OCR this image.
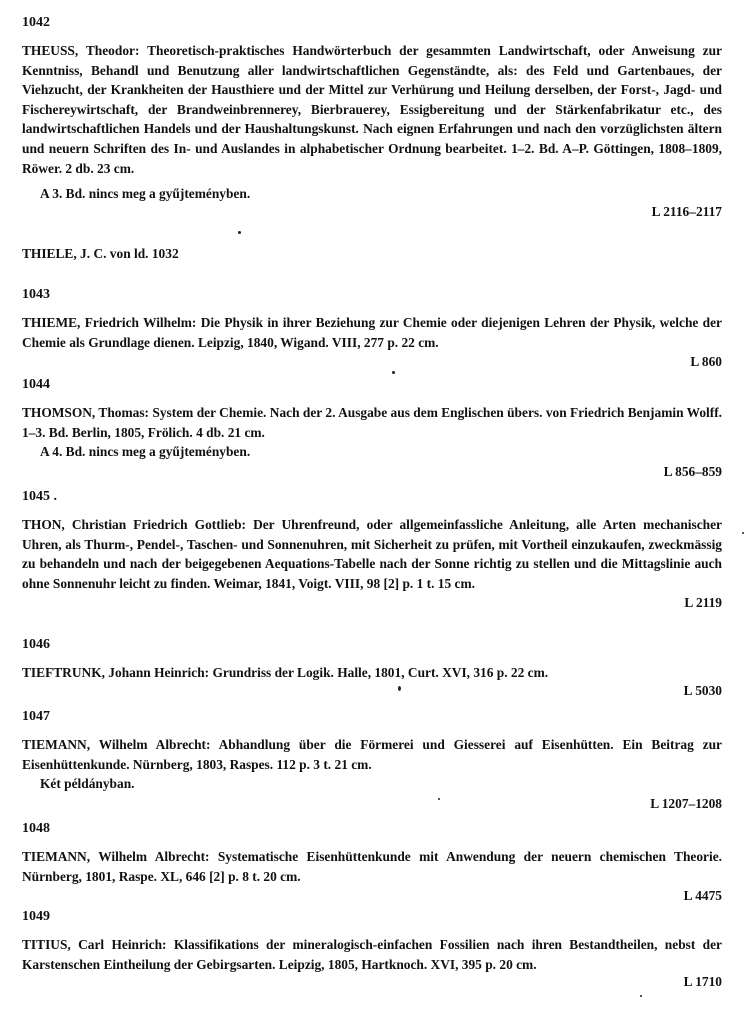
1042
THEUSS, Theodor: Theoretisch-praktisches Handwörterbuch der gesammten Landwirtschaft, oder Anweisung zur Kenntniss, Behandl und Benutzung aller landwirtschaftlichen Gegenständte, als: des Feld und Gartenbaues, der Viehzucht, der Krankheiten der Hausthiere und der Mittel zur Verhürung und Heilung derselben, der Forst-, Jagd- und Fischereywirtschaft, der Brandweinbrennerey, Bierbrauerey, Essigbereitung und der Stärkenfabrikatur etc., des landwirtschaftlichen Handels und der Haushaltungskunst. Nach eignen Erfahrungen und nach den vorzüglichsten ältern und neuern Schriften des In- und Auslandes in alphabetischer Ordnung bearbeitet. 1–2. Bd. A–P. Göttingen, 1808–1809, Röwer. 2 db. 23 cm.
A 3. Bd. nincs meg a gyűjteményben.
L 2116–2117
THIELE, J. C. von ld. 1032
1043
THIEME, Friedrich Wilhelm: Die Physik in ihrer Beziehung zur Chemie oder diejenigen Lehren der Physik, welche der Chemie als Grundlage dienen. Leipzig, 1840, Wigand. VIII, 277 p. 22 cm.
L 860
1044
THOMSON, Thomas: System der Chemie. Nach der 2. Ausgabe aus dem Englischen übers. von Friedrich Benjamin Wolff. 1–3. Bd. Berlin, 1805, Frölich. 4 db. 21 cm.
A 4. Bd. nincs meg a gyűjteményben.
L 856–859
1045 .
THON, Christian Friedrich Gottlieb: Der Uhrenfreund, oder allgemeinfassliche Anleitung, alle Arten mechanischer Uhren, als Thurm-, Pendel-, Taschen- und Sonnenuhren, mit Sicherheit zu prüfen, mit Vortheil einzukaufen, zweckmässig zu behandeln und nach der beigegebenen Aequations-Tabelle nach der Sonne richtig zu stellen und die Mittagslinie auch ohne Sonnenuhr leicht zu finden. Weimar, 1841, Voigt. VIII, 98 [2] p. 1 t. 15 cm.
L 2119
1046
TIEFTRUNK, Johann Heinrich: Grundriss der Logik. Halle, 1801, Curt. XVI, 316 p. 22 cm.
L 5030
1047
TIEMANN, Wilhelm Albrecht: Abhandlung über die Förmerei und Giesserei auf Eisenhütten. Ein Beitrag zur Eisenhüttenkunde. Nürnberg, 1803, Raspes. 112 p. 3 t. 21 cm.
Két példányban.
L 1207–1208
1048
TIEMANN, Wilhelm Albrecht: Systematische Eisenhüttenkunde mit Anwendung der neuern chemischen Theorie. Nürnberg, 1801, Raspe. XL, 646 [2] p. 8 t. 20 cm.
L 4475
1049
TITIUS, Carl Heinrich: Klassifikations der mineralogisch-einfachen Fossilien nach ihren Bestandtheilen, nebst der Karstenschen Eintheilung der Gebirgsarten. Leipzig, 1805, Hartknoch. XVI, 395 p. 20 cm.
L 1710
